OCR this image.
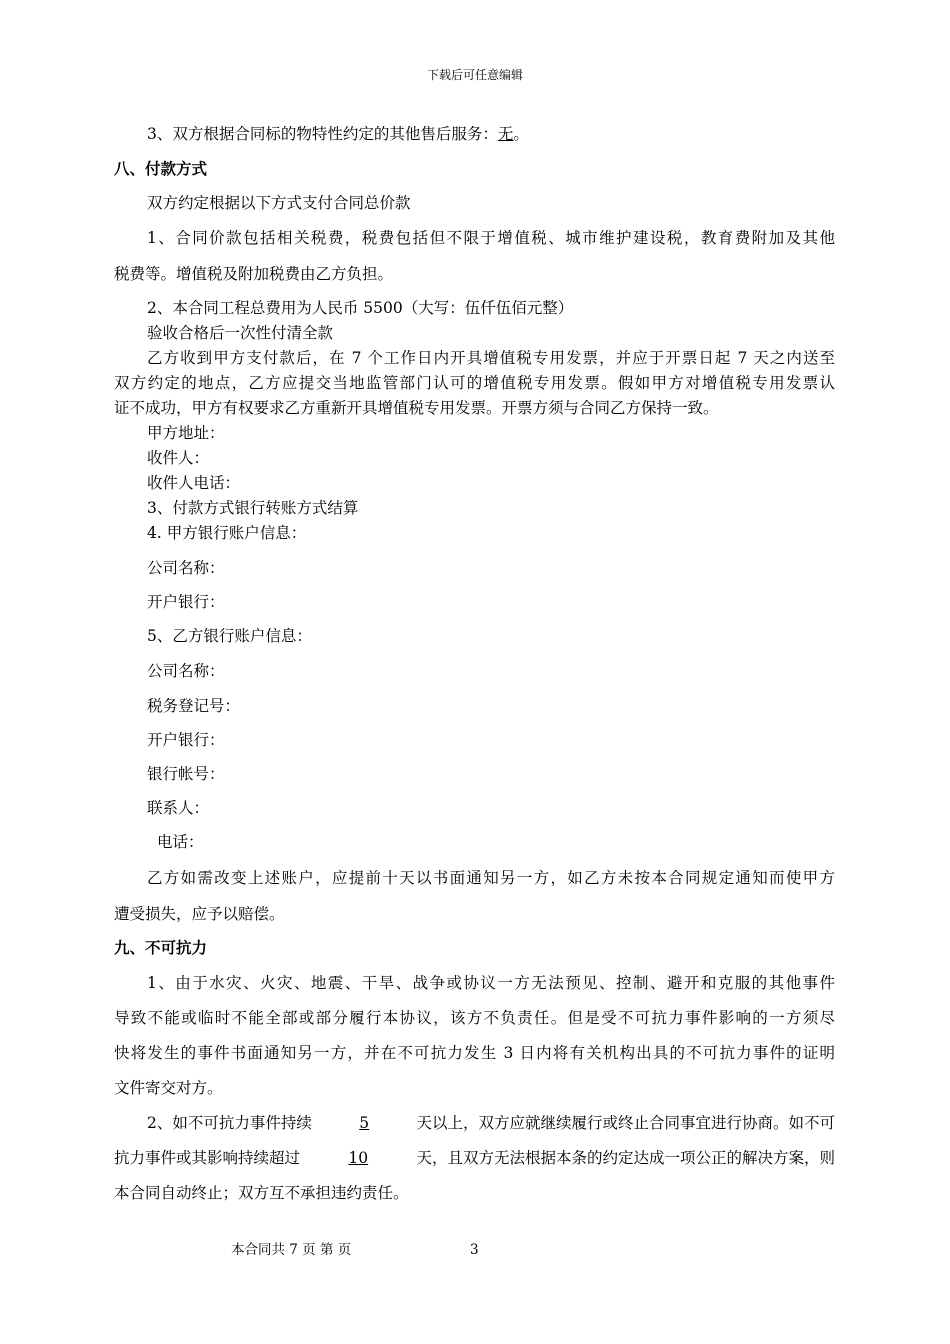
下载后可任意编辑

3、双方根据合同标的物特性约定的其他售后服务：无。

八、付款方式

双方约定根据以下方式支付合同总价款

1、合同价款包括相关税费，税费包括但不限于增值税、城市维护建设税，教育费附加及其他

税费等。增值税及附加税费由乙方负担。

2、本合同工程总费用为人民币 5500（大写：伍仟伍佰元整）

验收合格后一次性付清全款

乙方收到甲方支付款后，在 7 个工作日内开具增值税专用发票，并应于开票日起 7 天之内送至

双方约定的地点，乙方应提交当地监管部门认可的增值税专用发票。假如甲方对增值税专用发票认

证不成功，甲方有权要求乙方重新开具增值税专用发票。开票方须与合同乙方保持一致。

甲方地址：

收件人：

收件人电话：

3、付款方式银行转账方式结算

4. 甲方银行账户信息：

公司名称：

开户银行：

5、乙方银行账户信息：

公司名称：

税务登记号：

开户银行：

银行帐号：

联系人：

电话：

乙方如需改变上述账户，应提前十天以书面通知另一方，如乙方未按本合同规定通知而使甲方

遭受损失，应予以赔偿。

九、不可抗力

1、由于水灾、火灾、地震、干旱、战争或协议一方无法预见、控制、避开和克服的其他事件

导致不能或临时不能全部或部分履行本协议，该方不负责任。但是受不可抗力事件影响的一方须尽

快将发生的事件书面通知另一方，并在不可抗力发生 3 日内将有关机构出具的不可抗力事件的证明

文件寄交对方。

2、如不可抗力事件持续	5	天以上，双方应就继续履行或终止合同事宜进行协商。如不可

抗力事件或其影响持续超过	10	天，且双方无法根据本条的约定达成一项公正的解决方案，则

本合同自动终止；双方互不承担违约责任。

本合同共 7 页 第 页	3
